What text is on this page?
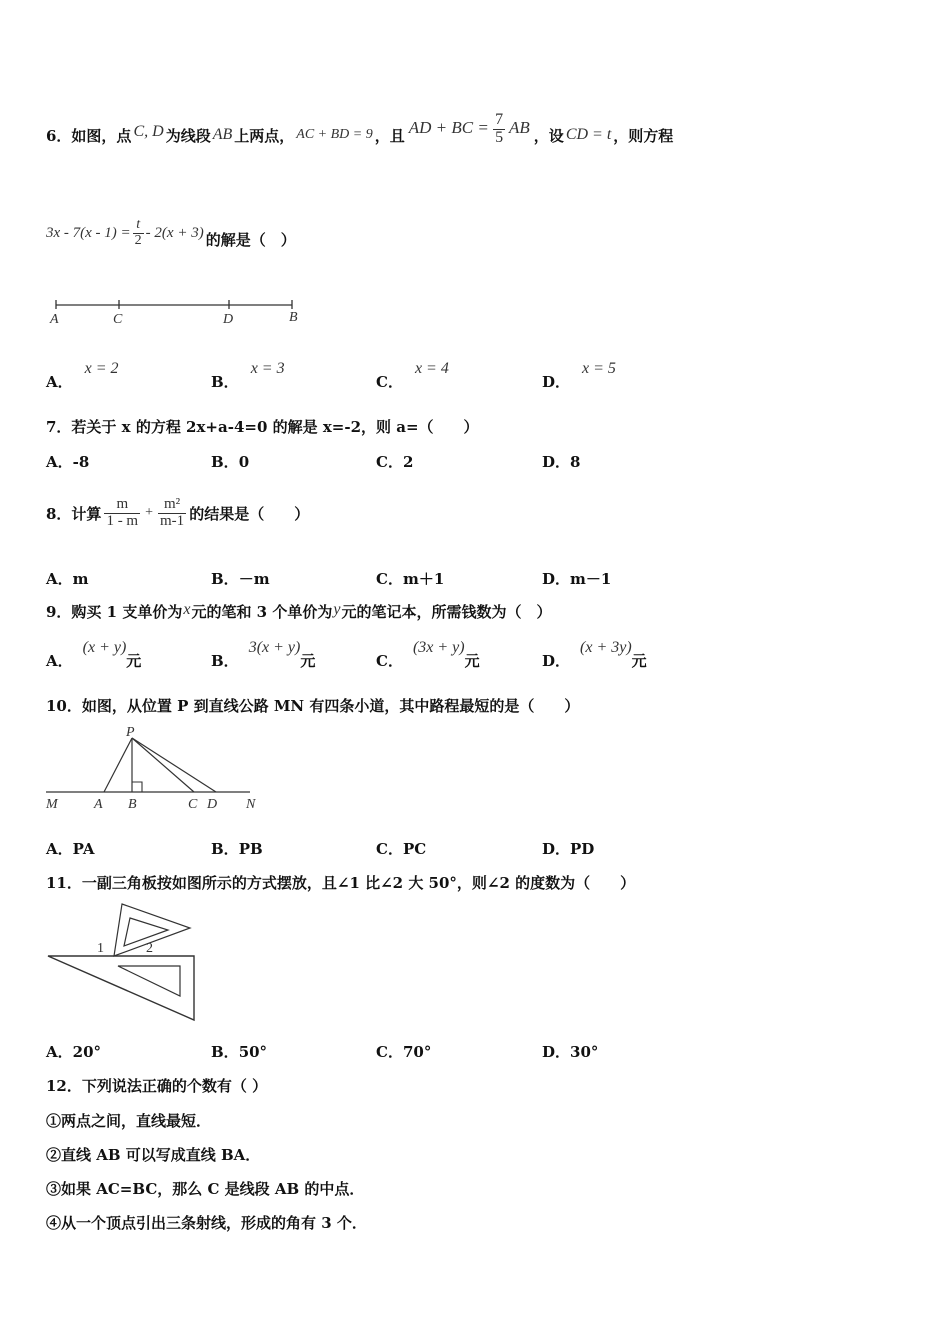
6．如图，点 C, D 为线段 AB 上两点， AC + BD = 9 ，且 AD + BC = $\frac{7}{5}$ AB ，设 CD = t ，则方程
$3x - 7(x - 1) = \frac{t}{2} - 2(x + 3)$ 的解是（　）
A	C	D	B
A．x = 2
B．x = 3
C．x = 4
D．x = 5
7．若关于 x 的方程 2x+a-4=0 的解是 x=-2，则 a=（　　）
A．-8	B．0	C．2	D．8
8．计算 $\frac{m}{1 - m} + \frac{\text{m²}}{m-1}$ 的结果是（　　）
A．m	B．－m	C．m＋1	D．m－1
9．购买 1 支单价为x元的笔和 3 个单价为y元的笔记本，所需钱数为（　）
A．(x + y)元	B．3(x + y)元	C．(3x + y)元	D．(x + 3y)元
10．如图，从位置 P 到直线公路 MN 有四条小道，其中路程最短的是（　　）
P
M	A B	C D N
A．PA	B．PB	C．PC	D．PD
11．一副三角板按如图所示的方式摆放，且∠1 比∠2 大 50°，则∠2 的度数为（　　）
1	2
A．20°	B．50°	C．70°	D．30°
12．下列说法正确的个数有（ ）
①两点之间，直线最短．
②直线 AB 可以写成直线 BA．
③如果 AC=BC，那么 C 是线段 AB 的中点．
④从一个顶点引出三条射线，形成的角有 3 个．
